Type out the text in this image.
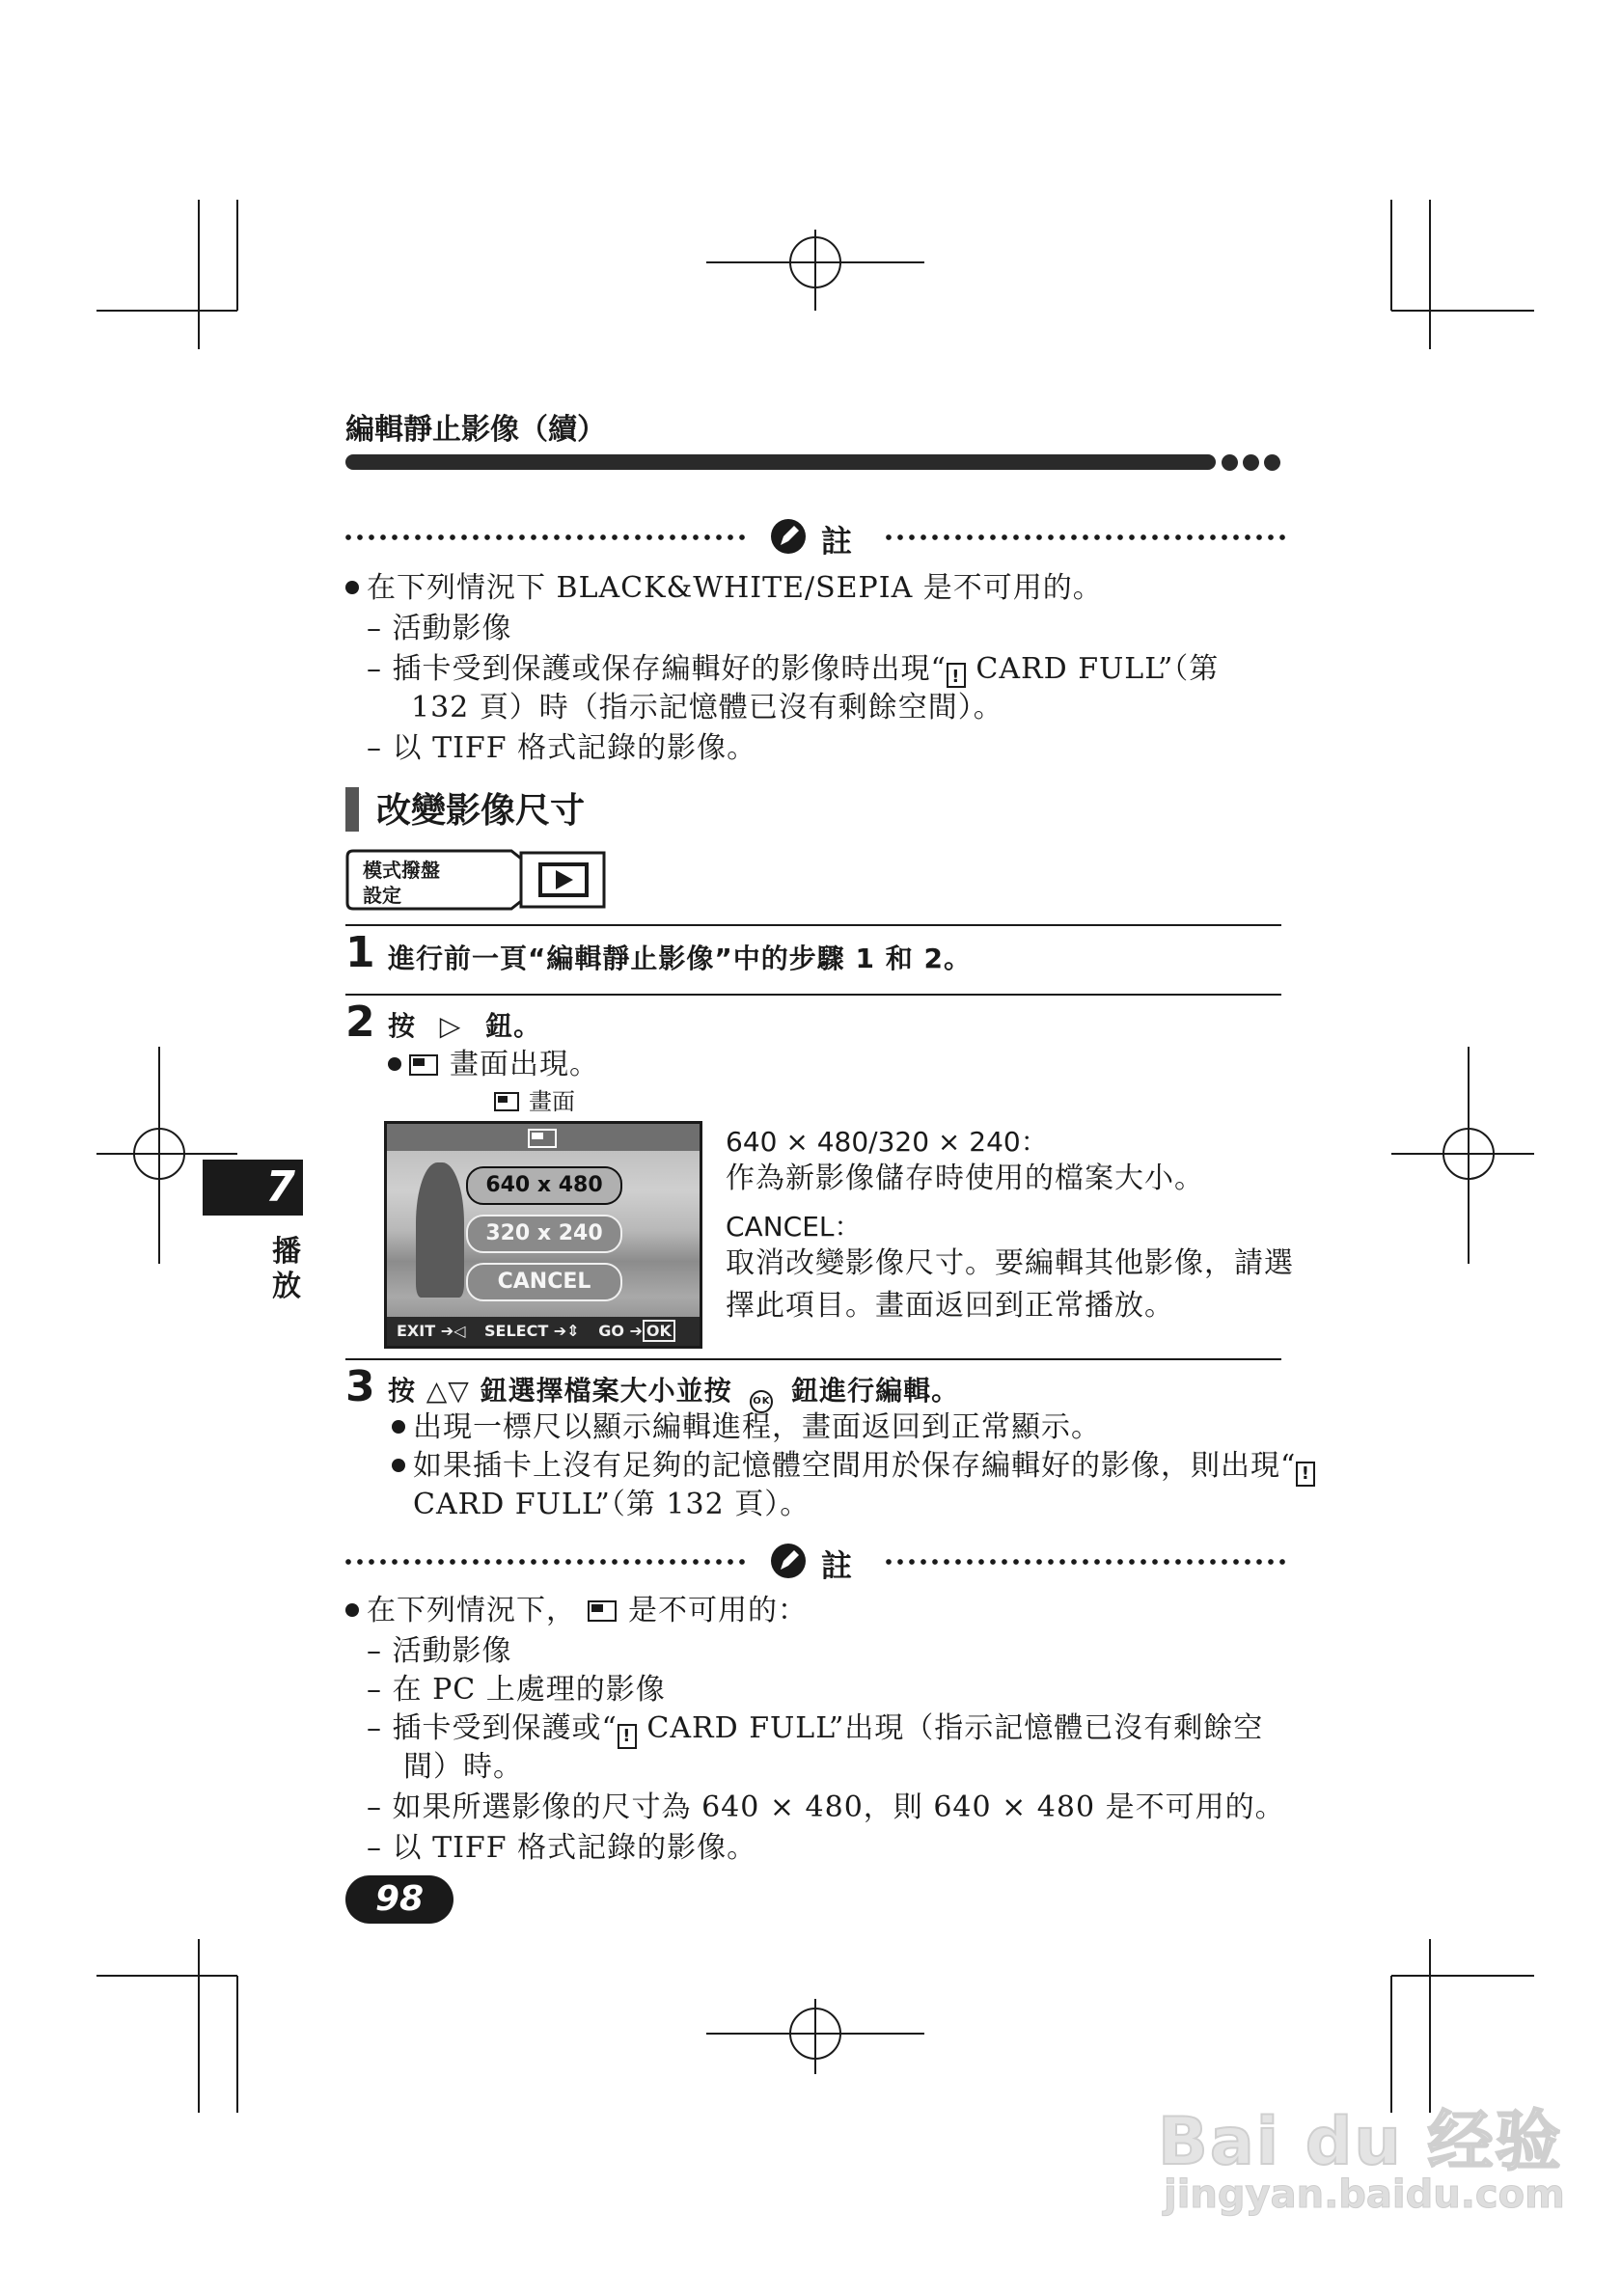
編輯靜止影像（續）
註
在下列情況下 BLACK&WHITE/SEPIA 是不可用的。
– 活動影像
– 插卡受到保護或保存編輯好的影像時出現“ ! CARD FULL”（第
132 頁）時（指示記憶體已沒有剩餘空間）。
– 以 TIFF 格式記錄的影像。
改變影像尺寸
模式撥盤
設定
1 進行前一頁“編輯靜止影像”中的步驟 1 和 2。
2 按 ▷ 鈕。
畫面出現。
畫面
640 x 480
320 x 240
CANCEL
EXIT ➔◁ SELECT ➔⇕ GO ➔ OK
640 × 480/320 × 240：
作為新影像儲存時使用的檔案大小。
CANCEL：
取消改變影像尺寸。要編輯其他影像，請選
擇此項目。畫面返回到正常播放。
3 按 △▽ 鈕選擇檔案大小並按 OK 鈕進行編輯。
出現一標尺以顯示編輯進程，畫面返回到正常顯示。
如果插卡上沒有足夠的記憶體空間用於保存編輯好的影像，則出現“ !
CARD FULL”（第 132 頁）。
註
在下列情況下， 是不可用的：
– 活動影像
– 在 PC 上處理的影像
– 插卡受到保護或“ ! CARD FULL”出現（指示記憶體已沒有剩餘空
間）時。
– 如果所選影像的尺寸為 640 × 480，則 640 × 480 是不可用的。
– 以 TIFF 格式記錄的影像。
7
播
放
98
Bai du 经验
jingyan.baidu.com
